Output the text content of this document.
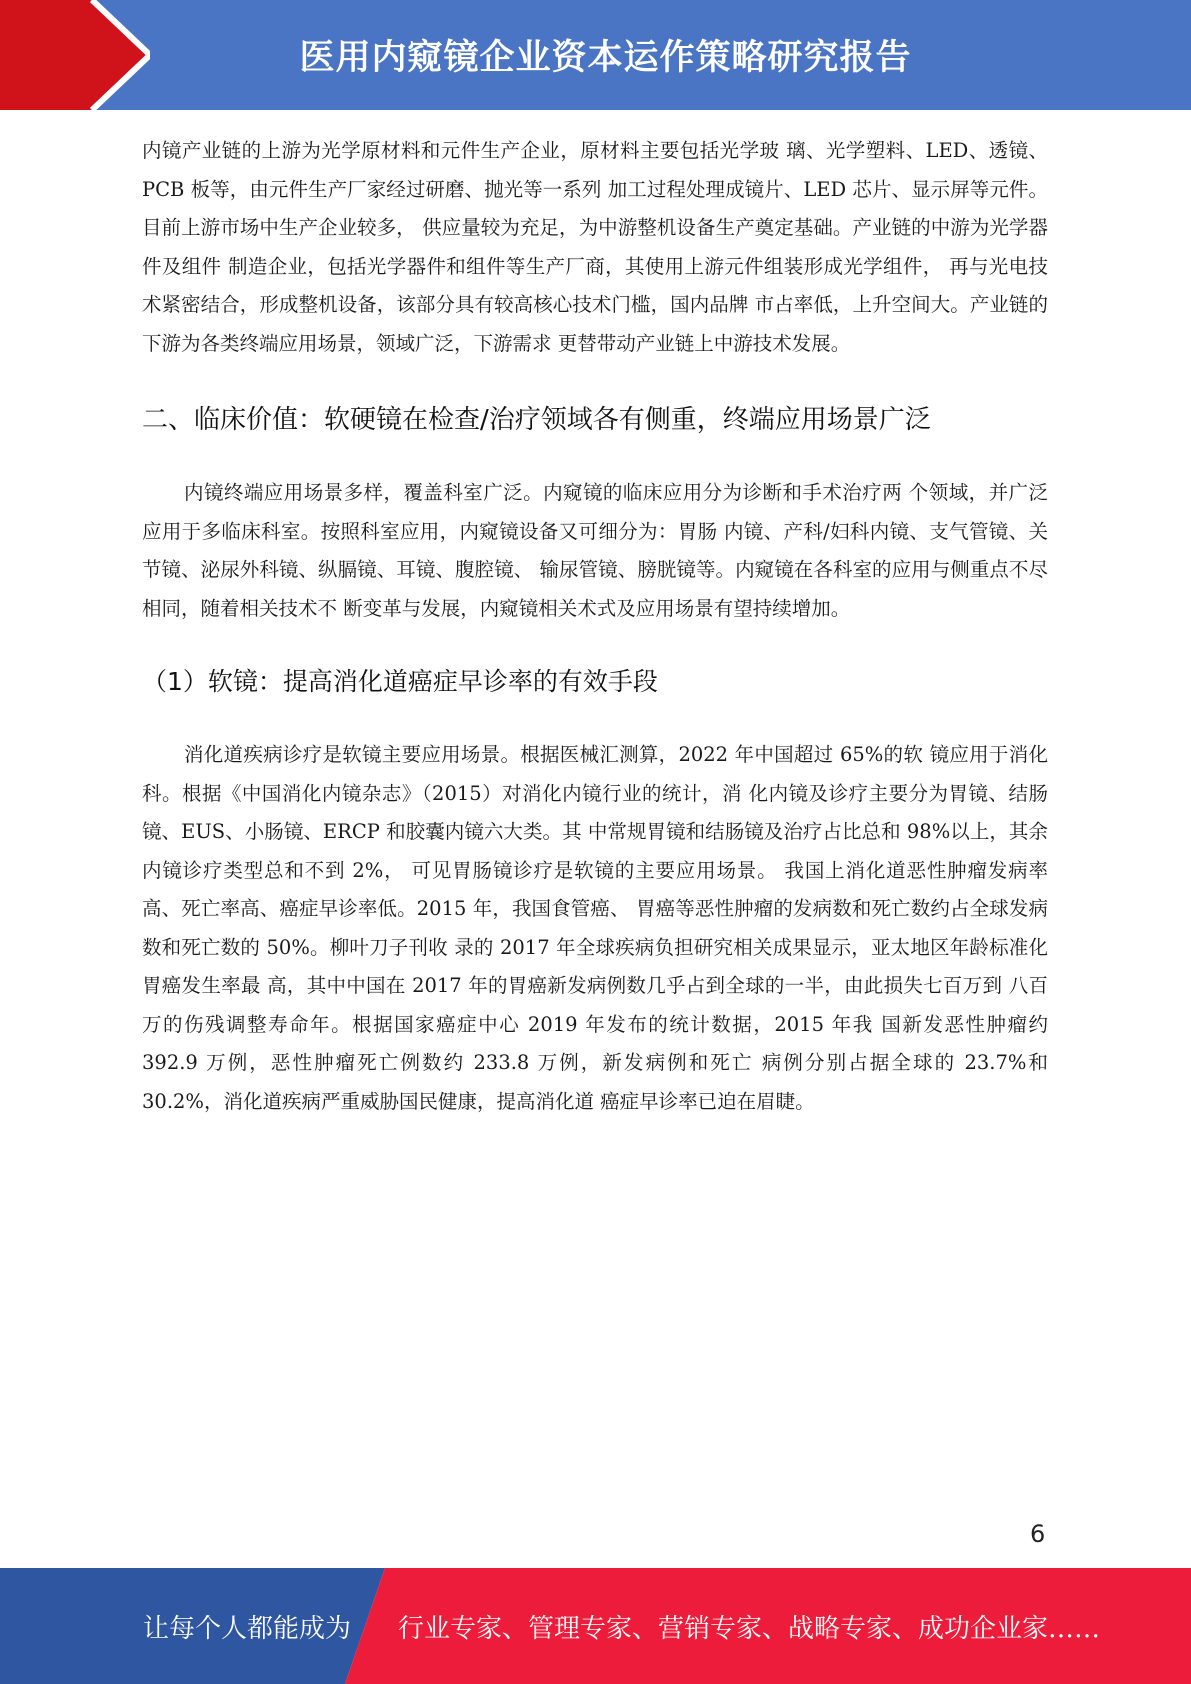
医用内窥镜企业资本运作策略研究报告

内镜产业链的上游为光学原材料和元件生产企业，原材料主要包括光学玻 璃、光学塑料、LED、透镜、PCB 板等，由元件生产厂家经过研磨、抛光等一系列 加工过程处理成镜片、LED 芯片、显示屏等元件。目前上游市场中生产企业较多， 供应量较为充足，为中游整机设备生产奠定基础。产业链的中游为光学器件及组件 制造企业，包括光学器件和组件等生产厂商，其使用上游元件组装形成光学组件， 再与光电技术紧密结合，形成整机设备，该部分具有较高核心技术门槛，国内品牌 市占率低，上升空间大。产业链的下游为各类终端应用场景，领域广泛，下游需求 更替带动产业链上中游技术发展。

二、临床价值：软硬镜在检查/治疗领域各有侧重，终端应用场景广泛

内镜终端应用场景多样，覆盖科室广泛。内窥镜的临床应用分为诊断和手术治疗两 个领域，并广泛应用于多临床科室。按照科室应用，内窥镜设备又可细分为：胃肠 内镜、产科/妇科内镜、支气管镜、关节镜、泌尿外科镜、纵膈镜、耳镜、腹腔镜、 输尿管镜、膀胱镜等。内窥镜在各科室的应用与侧重点不尽相同，随着相关技术不 断变革与发展，内窥镜相关术式及应用场景有望持续增加。

（1）软镜：提高消化道癌症早诊率的有效手段

消化道疾病诊疗是软镜主要应用场景。根据医械汇测算，2022 年中国超过 65%的软 镜应用于消化科。根据《中国消化内镜杂志》（2015）对消化内镜行业的统计，消 化内镜及诊疗主要分为胃镜、结肠镜、EUS、小肠镜、ERCP 和胶囊内镜六大类。其 中常规胃镜和结肠镜及治疗占比总和 98%以上，其余内镜诊疗类型总和不到 2%， 可见胃肠镜诊疗是软镜的主要应用场景。 我国上消化道恶性肿瘤发病率高、死亡率高、癌症早诊率低。2015 年，我国食管癌、 胃癌等恶性肿瘤的发病数和死亡数约占全球发病数和死亡数的 50%。柳叶刀子刊收 录的 2017 年全球疾病负担研究相关成果显示，亚太地区年龄标准化胃癌发生率最 高，其中中国在 2017 年的胃癌新发病例数几乎占到全球的一半，由此损失七百万到 八百万的伤残调整寿命年。根据国家癌症中心 2019 年发布的统计数据，2015 年我 国新发恶性肿瘤约 392.9 万例，恶性肿瘤死亡例数约 233.8 万例，新发病例和死亡 病例分别占据全球的 23.7%和 30.2%，消化道疾病严重威胁国民健康，提高消化道 癌症早诊率已迫在眉睫。

6
让每个人都能成为 行业专家、管理专家、营销专家、战略专家、成功企业家……
